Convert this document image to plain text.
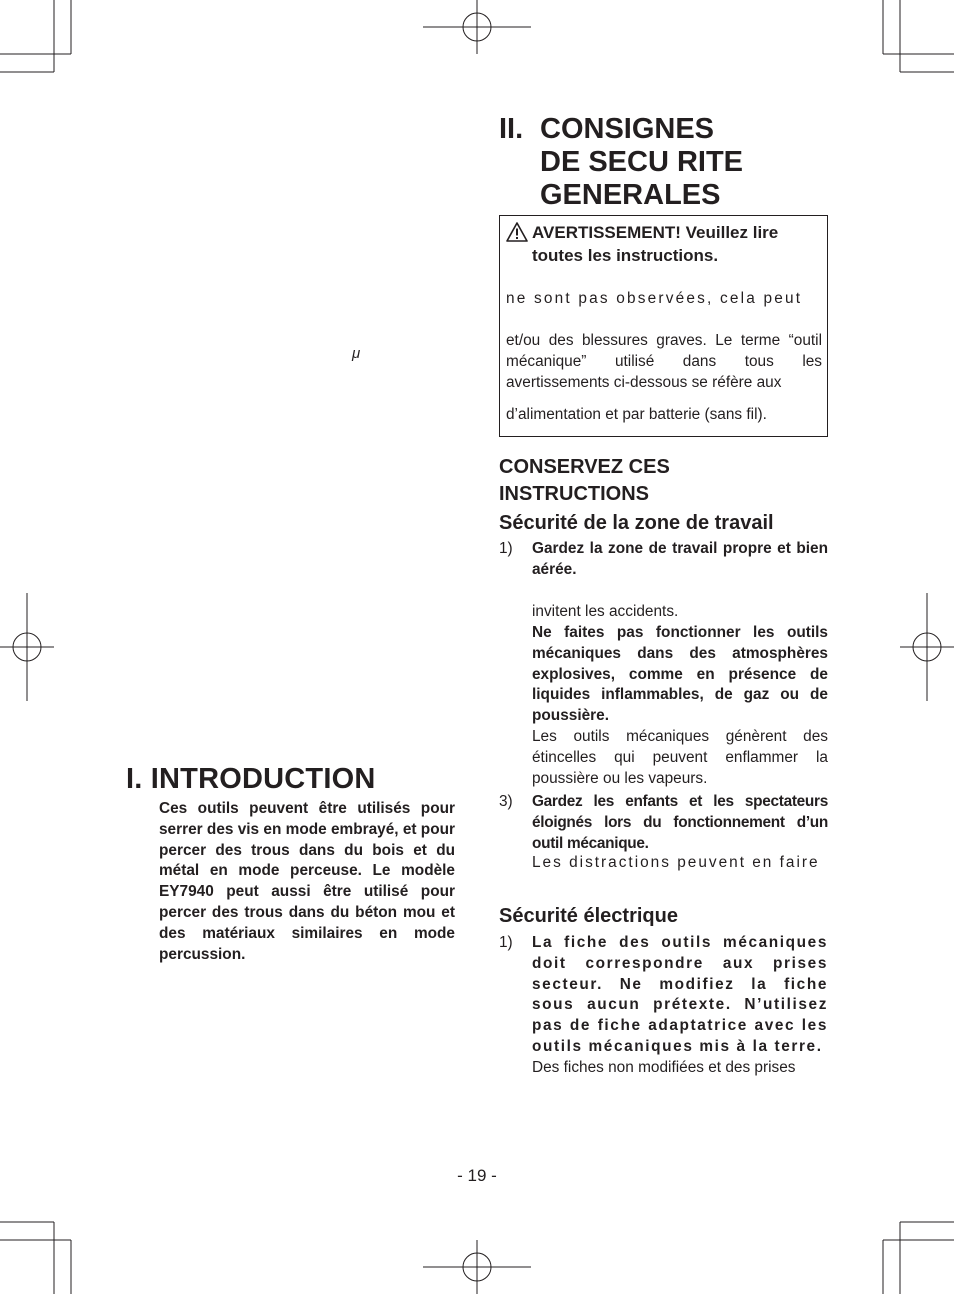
μ
I. INTRODUCTION

Ces outils peuvent être utilisés pour serrer des vis en mode embrayé, et pour percer des trous dans du bois et du métal en mode perceuse. Le modèle EY7940 peut aussi être utilisé pour percer des trous dans du béton mou et des matériaux similaires en mode percussion.

II. CONSIGNES
DE SECU RITE
GENERALES
AVERTISSEMENT! Veuillez lire toutes les instructions.
ne sont pas observées, cela peut
et/ou des blessures graves. Le terme “outil mécanique” utilisé dans tous les avertissements ci-dessous se réfère aux
d’alimentation et par batterie (sans fil).
CONSERVEZ CES INSTRUCTIONS
Sécurité de la zone de travail
1) Gardez la zone de travail propre et bien aérée.
invitent les accidents.
Ne faites pas fonctionner les outils mécaniques dans des atmosphères explosives, comme en présence de liquides inflammables, de gaz ou de poussière.
Les outils mécaniques génèrent des étincelles qui peuvent enflammer la poussière ou les vapeurs.
3) Gardez les enfants et les spectateurs éloignés lors du fonctionnement d’un outil mécanique.
Les distractions peuvent en faire
Sécurité électrique
1) La fiche des outils mécaniques doit correspondre aux prises secteur. Ne modifiez la fiche sous aucun prétexte. N’utilisez pas de fiche adaptatrice avec les outils mécaniques mis à la terre.
Des fiches non modifiées et des prises
- 19 -
